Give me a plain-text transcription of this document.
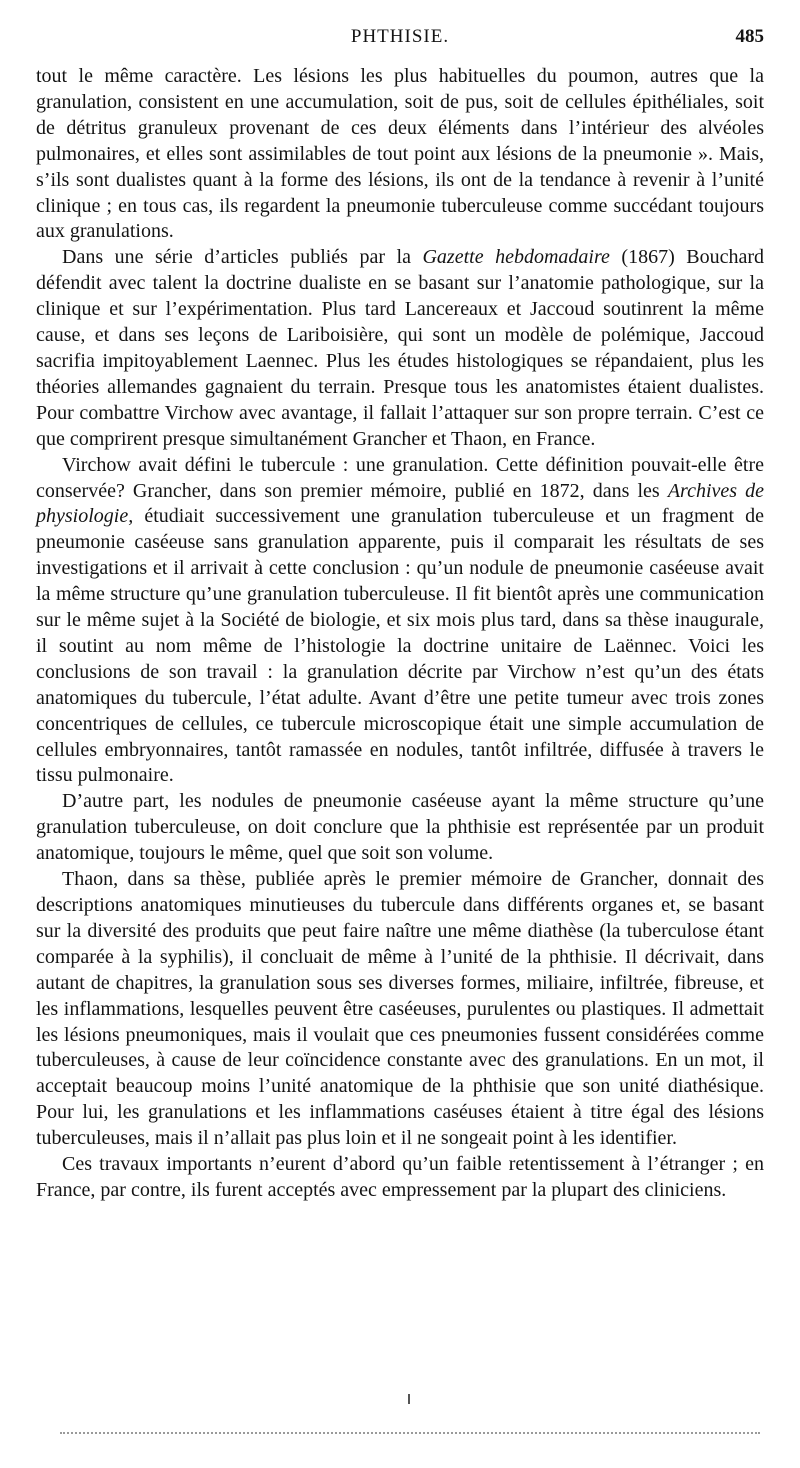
PHTHISIE.	485

tout le même caractère. Les lésions les plus habituelles du poumon, autres que la granulation, consistent en une accumulation, soit de pus, soit de cellules épithéliales, soit de détritus granuleux provenant de ces deux éléments dans l’intérieur des alvéoles pulmonaires, et elles sont assimilables de tout point aux lésions de la pneumonie ». Mais, s’ils sont dualistes quant à la forme des lésions, ils ont de la tendance à revenir à l’unité clinique ; en tous cas, ils regardent la pneumonie tuberculeuse comme succédant toujours aux granulations.

Dans une série d’articles publiés par la Gazette hebdomadaire (1867) Bouchard défendit avec talent la doctrine dualiste en se basant sur l’anatomie pathologique, sur la clinique et sur l’expérimentation. Plus tard Lancereaux et Jaccoud soutinrent la même cause, et dans ses leçons de Lariboisière, qui sont un modèle de polémique, Jaccoud sacrifia impitoyablement Laennec. Plus les études histologiques se répandaient, plus les théories allemandes gagnaient du terrain. Presque tous les anatomistes étaient dualistes. Pour combattre Virchow avec avantage, il fallait l’attaquer sur son propre terrain. C’est ce que comprirent presque simultanément Grancher et Thaon, en France.

Virchow avait défini le tubercule : une granulation. Cette définition pouvait-elle être conservée? Grancher, dans son premier mémoire, publié en 1872, dans les Archives de physiologie, étudiait successivement une granulation tuberculeuse et un fragment de pneumonie caséeuse sans granulation apparente, puis il comparait les résultats de ses investigations et il arrivait à cette conclusion : qu’un nodule de pneumonie caséeuse avait la même structure qu’une granulation tuberculeuse. Il fit bientôt après une communication sur le même sujet à la Société de biologie, et six mois plus tard, dans sa thèse inaugurale, il soutint au nom même de l’histologie la doctrine unitaire de Laënnec. Voici les conclusions de son travail : la granulation décrite par Virchow n’est qu’un des états anatomiques du tubercule, l’état adulte. Avant d’être une petite tumeur avec trois zones concentriques de cellules, ce tubercule microscopique était une simple accumulation de cellules embryonnaires, tantôt ramassée en nodules, tantôt infiltrée, diffusée à travers le tissu pulmonaire.

D’autre part, les nodules de pneumonie caséeuse ayant la même structure qu’une granulation tuberculeuse, on doit conclure que la phthisie est représentée par un produit anatomique, toujours le même, quel que soit son volume.

Thaon, dans sa thèse, publiée après le premier mémoire de Grancher, donnait des descriptions anatomiques minutieuses du tubercule dans différents organes et, se basant sur la diversité des produits que peut faire naître une même diathèse (la tuberculose étant comparée à la syphilis), il concluait de même à l’unité de la phthisie. Il décrivait, dans autant de chapitres, la granulation sous ses diverses formes, miliaire, infiltrée, fibreuse, et les inflammations, lesquelles peuvent être caséeuses, purulentes ou plastiques. Il admettait les lésions pneumoniques, mais il voulait que ces pneumonies fussent considérées comme tuberculeuses, à cause de leur coïncidence constante avec des granulations. En un mot, il acceptait beaucoup moins l’unité anatomique de la phthisie que son unité diathésique. Pour lui, les granulations et les inflammations caséuses étaient à titre égal des lésions tuberculeuses, mais il n’allait pas plus loin et il ne songeait point à les identifier.

Ces travaux importants n’eurent d’abord qu’un faible retentissement à l’étranger ; en France, par contre, ils furent acceptés avec empressement par la plupart des cliniciens.
